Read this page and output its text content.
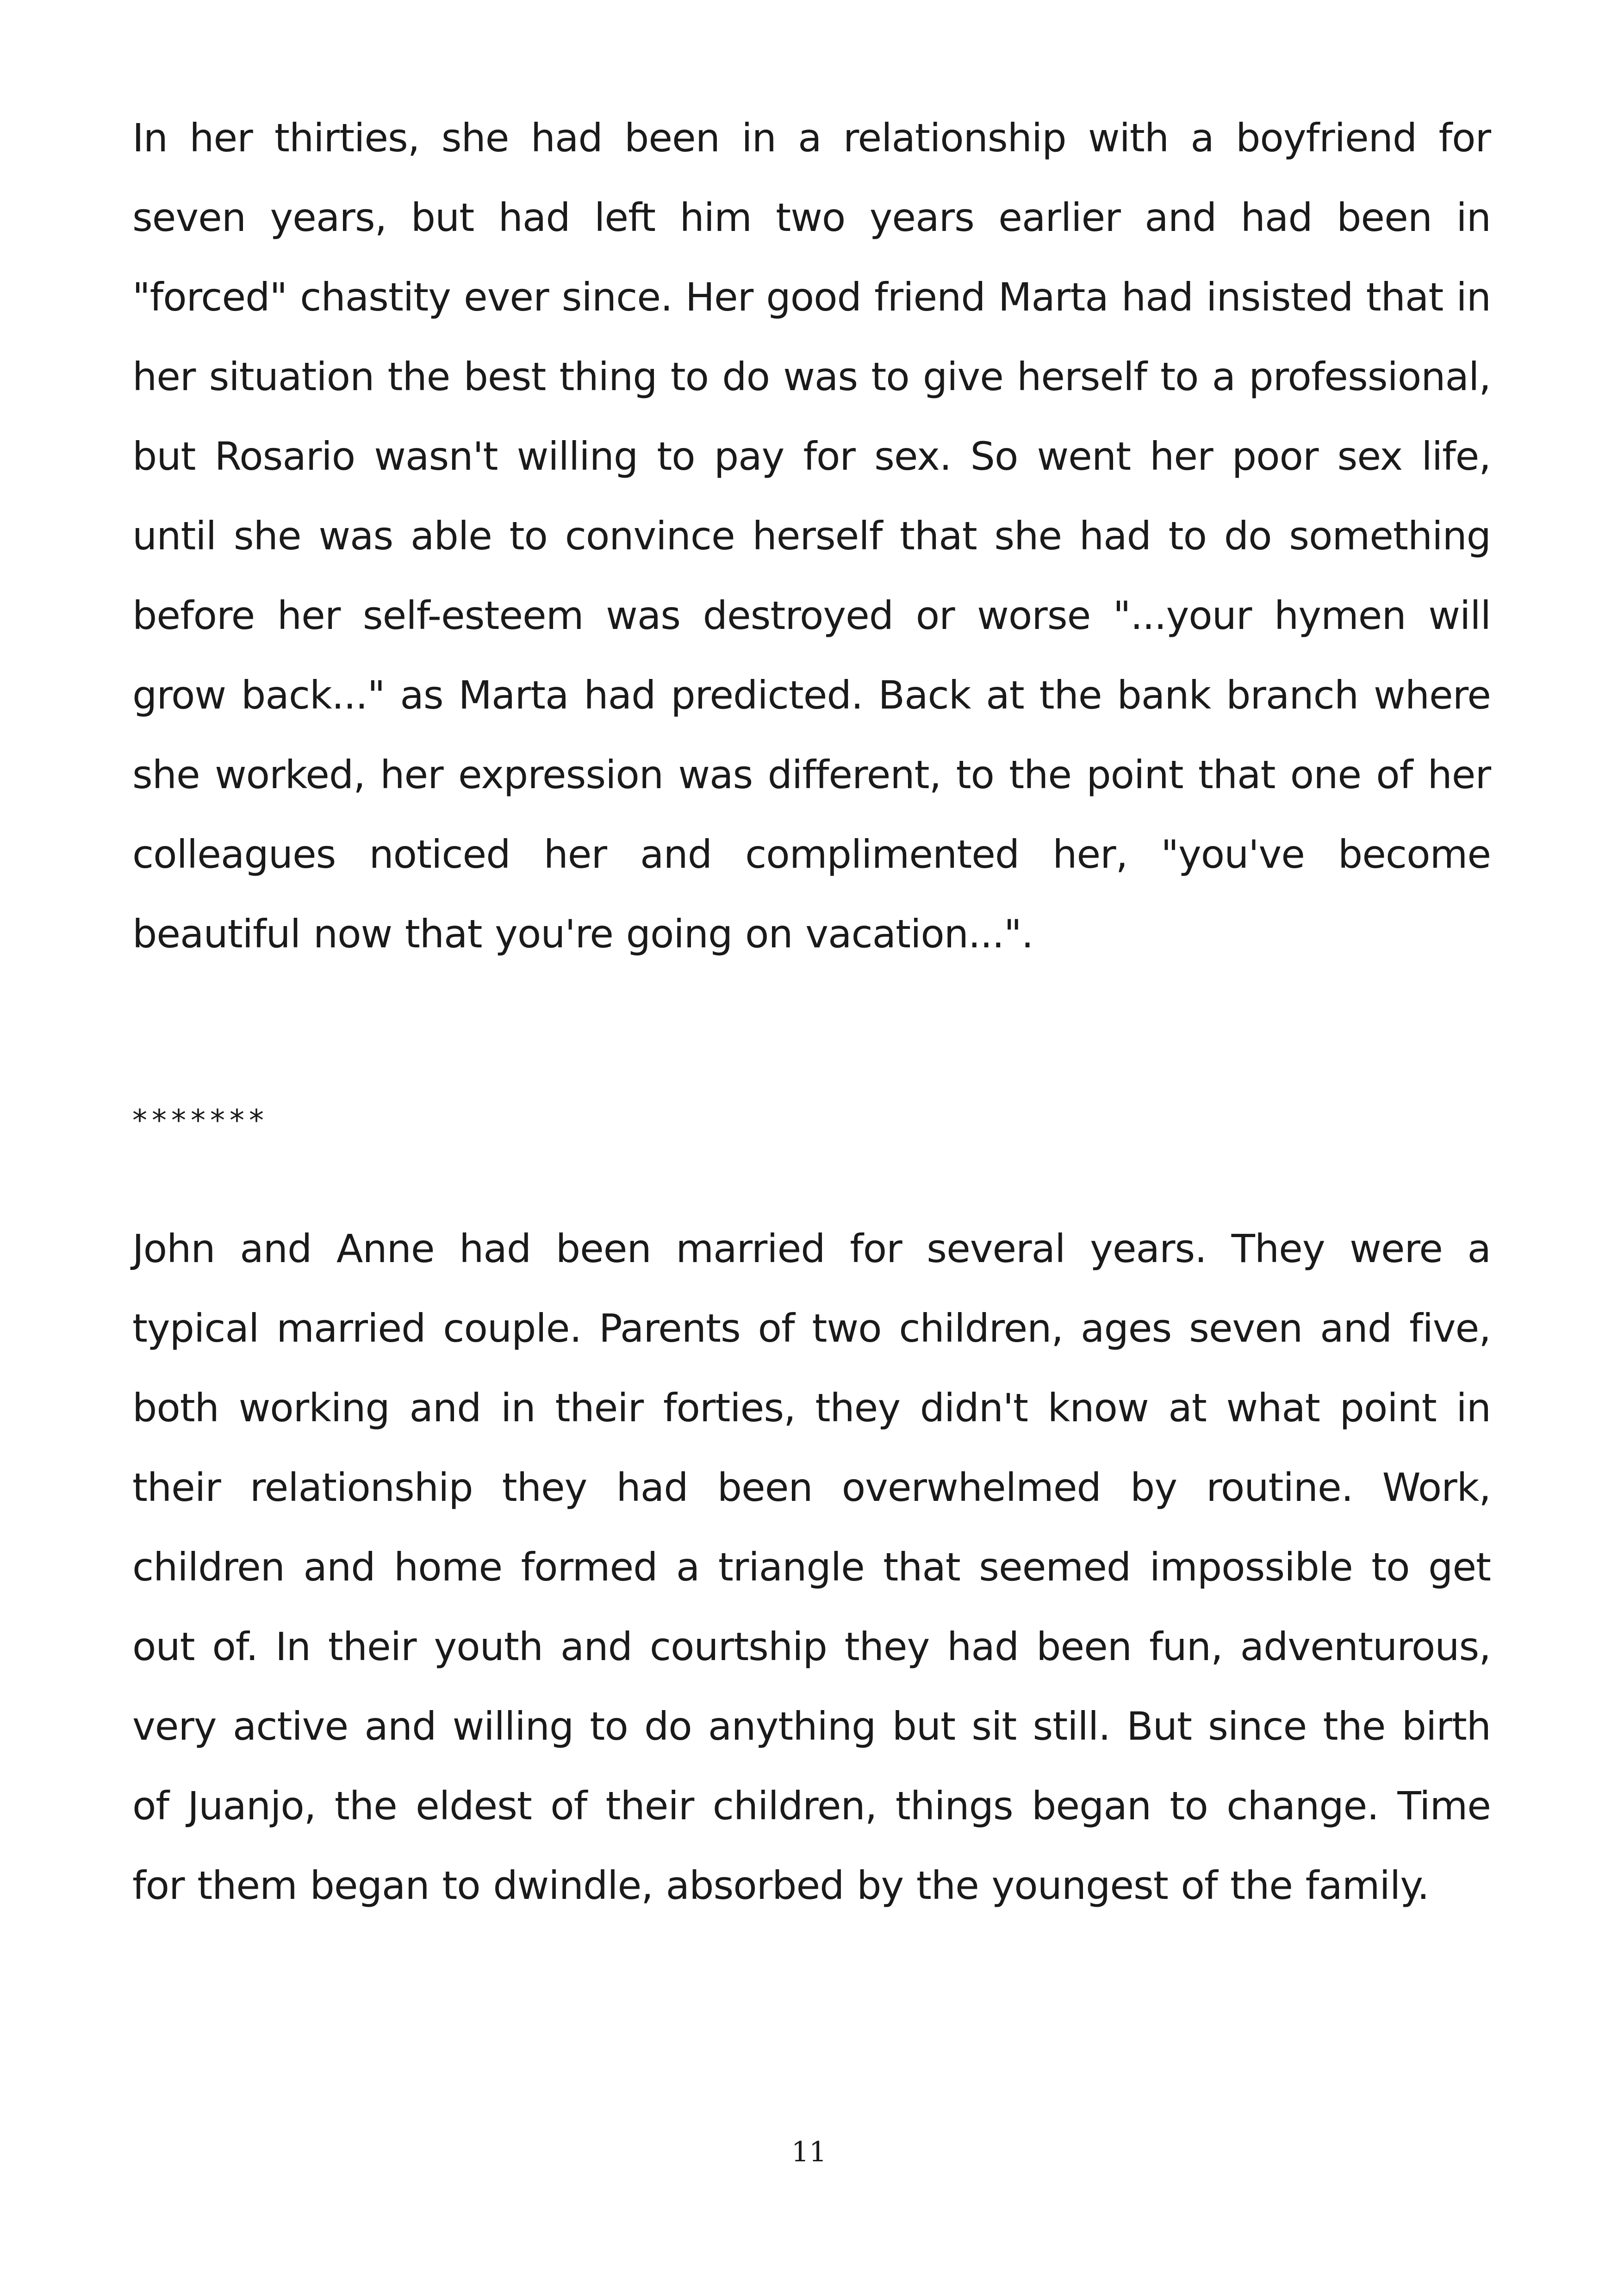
In her thirties, she had been in a relationship with a boyfriend for seven years, but had left him two years earlier and had been in "forced" chastity ever since. Her good friend Marta had insisted that in her situation the best thing to do was to give herself to a professional, but Rosario wasn't willing to pay for sex. So went her poor sex life, until she was able to convince herself that she had to do something before her self-esteem was destroyed or worse "...your hymen will grow back..." as Marta had predicted. Back at the bank branch where she worked, her expression was different, to the point that one of her colleagues noticed her and complimented her, "you've become beautiful now that you're going on vacation...".

*******

John and Anne had been married for several years. They were a typical married couple. Parents of two children, ages seven and five, both working and in their forties, they didn't know at what point in their relationship they had been overwhelmed by routine. Work, children and home formed a triangle that seemed impossible to get out of. In their youth and courtship they had been fun, adventurous, very active and willing to do anything but sit still. But since the birth of Juanjo, the eldest of their children, things began to change. Time for them began to dwindle, absorbed by the youngest of the family.

11
